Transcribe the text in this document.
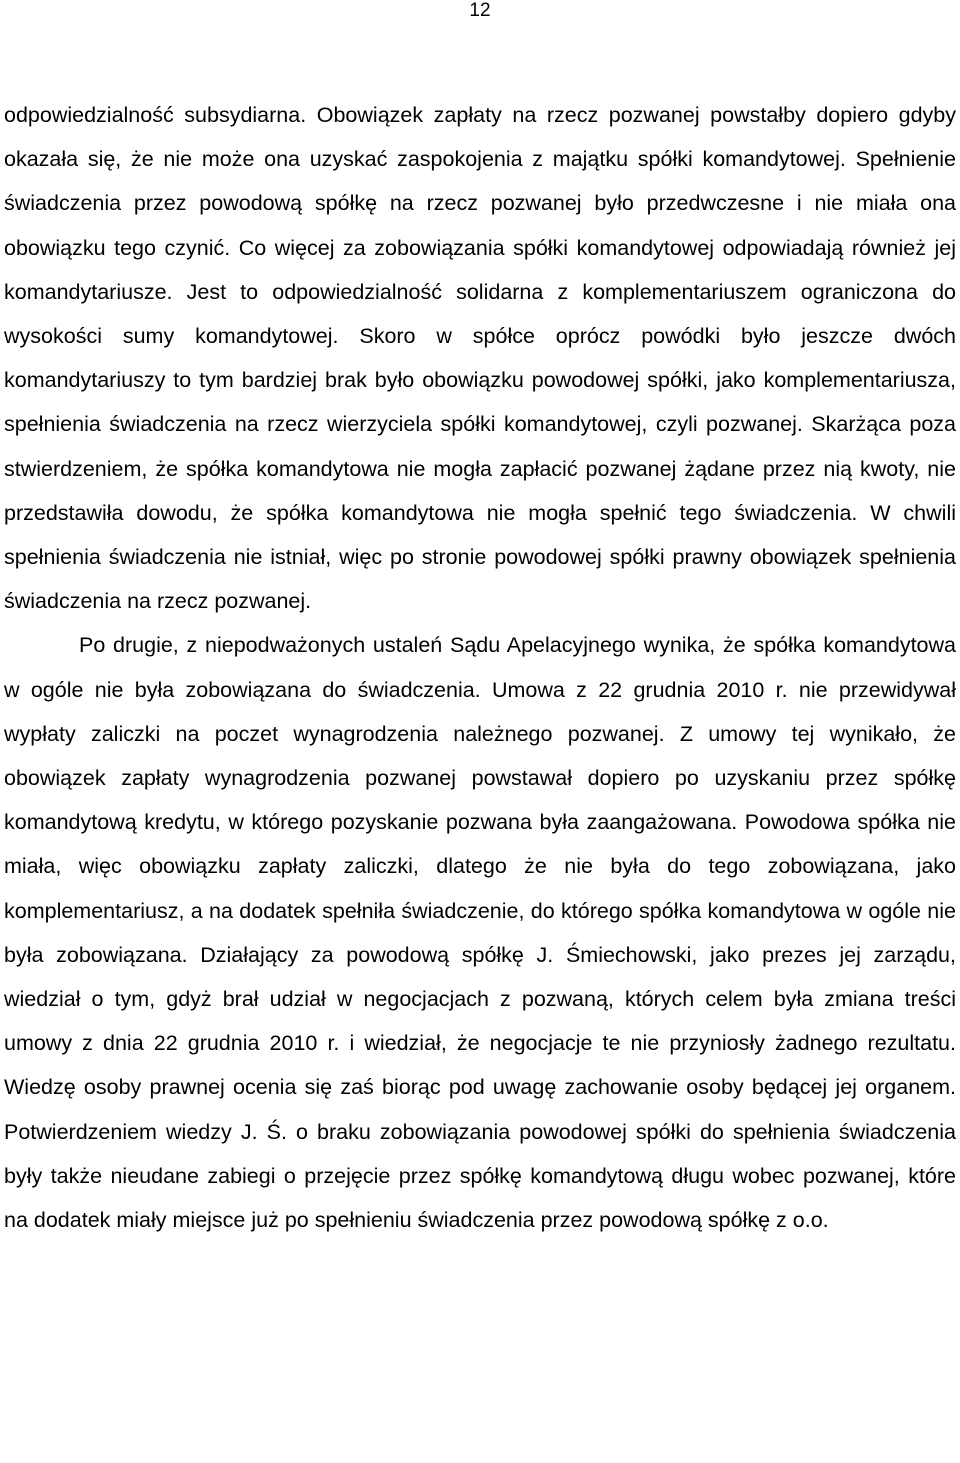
12

odpowiedzialność subsydiarna. Obowiązek zapłaty na rzecz pozwanej powstałby dopiero gdyby okazała się, że nie może ona uzyskać zaspokojenia z majątku spółki komandytowej. Spełnienie świadczenia przez powodową spółkę na rzecz pozwanej było przedwczesne i nie miała ona obowiązku tego czynić. Co więcej za zobowiązania spółki komandytowej odpowiadają również jej komandytariusze. Jest to odpowiedzialność solidarna z komplementariuszem ograniczona do wysokości sumy komandytowej. Skoro w spółce oprócz powódki było jeszcze dwóch komandytariuszy to tym bardziej brak było obowiązku powodowej spółki, jako komplementariusza, spełnienia świadczenia na rzecz wierzyciela spółki komandytowej, czyli pozwanej. Skarżąca poza stwierdzeniem, że spółka komandytowa nie mogła zapłacić pozwanej żądane przez nią kwoty, nie przedstawiła dowodu, że spółka komandytowa nie mogła spełnić tego świadczenia. W chwili spełnienia świadczenia nie istniał, więc po stronie powodowej spółki prawny obowiązek spełnienia świadczenia na rzecz pozwanej.

Po drugie, z niepodważonych ustaleń Sądu Apelacyjnego wynika, że spółka komandytowa w ogóle nie była zobowiązana do świadczenia. Umowa z 22 grudnia 2010 r. nie przewidywał wypłaty zaliczki na poczet wynagrodzenia należnego pozwanej. Z umowy tej wynikało, że obowiązek zapłaty wynagrodzenia pozwanej powstawał dopiero po uzyskaniu przez spółkę komandytową kredytu, w którego pozyskanie pozwana była zaangażowana. Powodowa spółka nie miała, więc obowiązku zapłaty zaliczki, dlatego że nie była do tego zobowiązana, jako komplementariusz, a na dodatek spełniła świadczenie, do którego spółka komandytowa w ogóle nie była zobowiązana. Działający za powodową spółkę J. Śmiechowski, jako prezes jej zarządu, wiedział o tym, gdyż brał udział w negocjacjach z pozwaną, których celem była zmiana treści umowy z dnia 22 grudnia 2010 r. i wiedział, że negocjacje te nie przyniosły żadnego rezultatu. Wiedzę osoby prawnej ocenia się zaś biorąc pod uwagę zachowanie osoby będącej jej organem. Potwierdzeniem wiedzy J. Ś. o braku zobowiązania powodowej spółki do spełnienia świadczenia były także nieudane zabiegi o przejęcie przez spółkę komandytową długu wobec pozwanej, które na dodatek miały miejsce już po spełnieniu świadczenia przez powodową spółkę z o.o.
